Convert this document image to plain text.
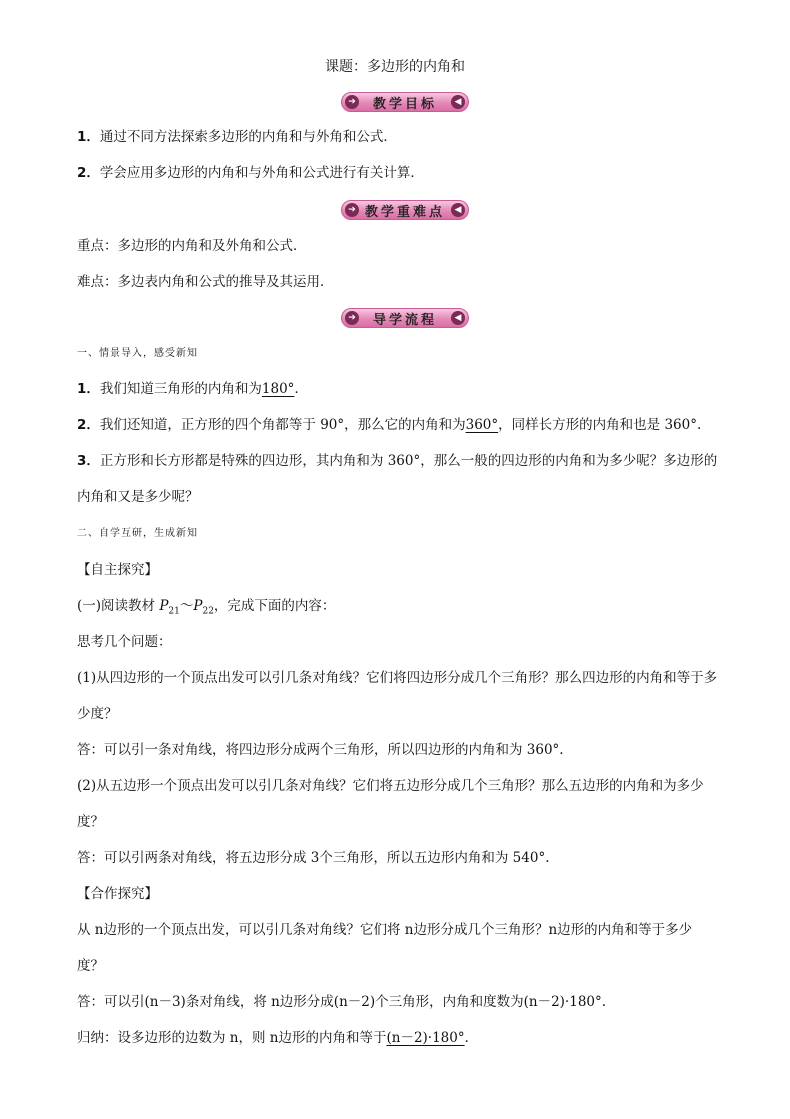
课题：多边形的内角和
➔ 教学目标	◀
1．通过不同方法探索多边形的内角和与外角和公式．
2．学会应用多边形的内角和与外角和公式进行有关计算．
➔ 教学重难点	◀
重点：多边形的内角和及外角和公式．
难点：多边表内角和公式的推导及其运用．
➔ 导学流程	◀
一、情景导入，感受新知
1．我们知道三角形的内角和为180°．
2．我们还知道，正方形的四个角都等于 90°，那么它的内角和为360°，同样长方形的内角和也是 360°.
3．正方形和长方形都是特殊的四边形，其内角和为 360°，那么一般的四边形的内角和为多少呢？多边形的
内角和又是多少呢？
二、自学互研，生成新知
【自主探究】
(一)阅读教材 $P_{21}\sim P_{22}$，完成下面的内容：
思考几个问题：
(1)从四边形的一个顶点出发可以引几条对角线？它们将四边形分成几个三角形？那么四边形的内角和等于多
少度？
答：可以引一条对角线，将四边形分成两个三角形，所以四边形的内角和为 360°.
(2)从五边形一个顶点出发可以引几条对角线？它们将五边形分成几个三角形？那么五边形的内角和为多少
度？
答：可以引两条对角线，将五边形分成 3个三角形，所以五边形内角和为 540°.
【合作探究】
从 n边形的一个顶点出发，可以引几条对角线？它们将 n边形分成几个三角形？n边形的内角和等于多少
度？
答：可以引(n－3)条对角线，将 n边形分成(n－2)个三角形，内角和度数为(n－2)·180°.
归纳：设多边形的边数为 n，则 n边形的内角和等于(n－2)·180°．
